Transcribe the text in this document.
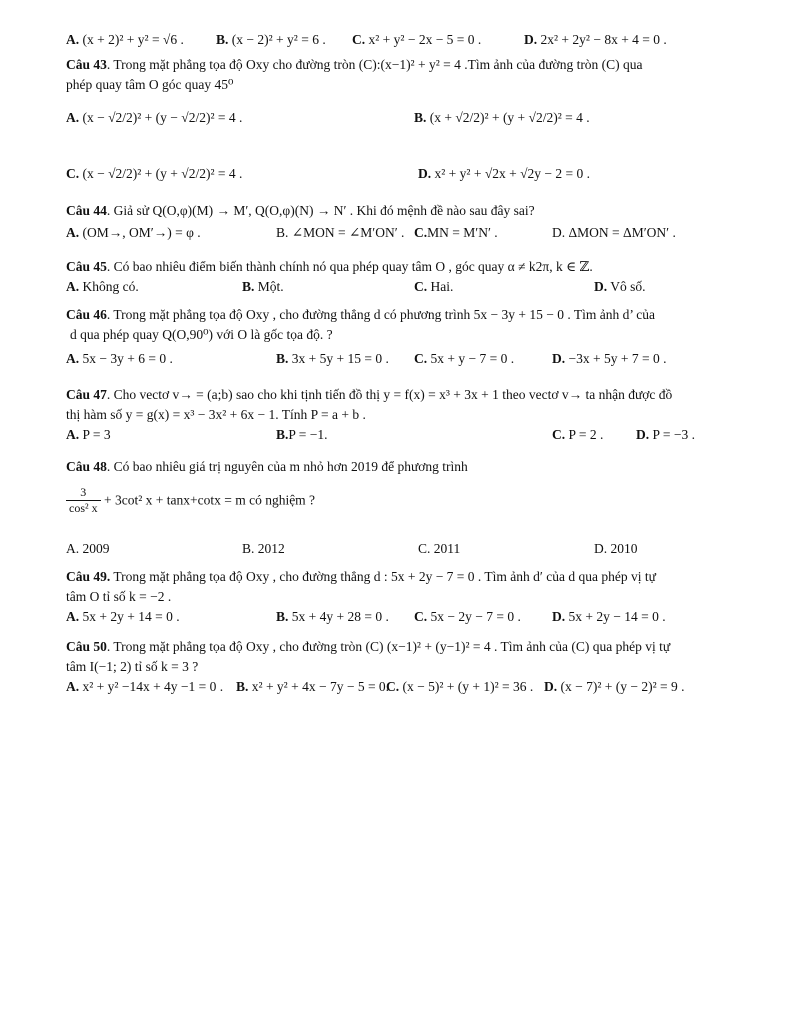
A. (x + 2)² + y² = √6 . B. (x − 2)² + y² = 6 . C. x² + y² − 2x − 5 = 0 .	D. 2x² + 2y² − 8x + 4 = 0 .
Câu 43. Trong mặt phẳng tọa độ Oxy cho đường tròn (C):(x−1)² + y² = 4 .Tìm ảnh của đường tròn (C) qua
phép quay tâm O góc quay 45⁰
A. (x − √2/2)² + (y − √2/2)² = 4 .	B. (x + √2/2)² + (y + √2/2)² = 4 .
C. (x − √2/2)² + (y + √2/2)² = 4 .	D. x² + y² + √2x + √2y − 2 = 0 .
Câu 44. Giả sử Q(O,φ)(M) → M′, Q(O,φ)(N) → N′ . Khi đó mệnh đề nào sau đây sai?
A. (OM→, OM′→) = φ .	B. ∠MON = ∠M′ON′ . C.MN = M′N′ .	D. ΔMON = ΔM′ON′ .
Câu 45. Có bao nhiêu điểm biến thành chính nó qua phép quay tâm O , góc quay α ≠ k2π, k ∈ ℤ.
A. Không có.	B. Một.	C. Hai.	D. Vô số.
Câu 46. Trong mặt phẳng tọa độ Oxy , cho đường thẳng d có phương trình 5x − 3y + 15 − 0 . Tìm ảnh d’ của
d qua phép quay Q(O,90⁰) với O là gốc tọa độ. ?
A. 5x − 3y + 6 = 0 .	B. 3x + 5y + 15 = 0 . C. 5x + y − 7 = 0 .	D. −3x + 5y + 7 = 0 .
Câu 47. Cho vectơ v→ = (a;b) sao cho khi tịnh tiến đồ thị y = f(x) = x³ + 3x + 1 theo vectơ v→ ta nhận được đồ
thị hàm số y = g(x) = x³ − 3x² + 6x − 1. Tính P = a + b .
A. P = 3	B.P = −1.	C. P = 2 . D. P = −3 .
Câu 48. Có bao nhiêu giá trị nguyên của m nhỏ hơn 2019 để phương trình
$\frac{3}{\text{cos² x}} + 3\cot^2$ x + tanx+cotx = m có nghiệm ?
A. 2009	B. 2012	C. 2011	D. 2010
Câu 49. Trong mặt phẳng tọa độ Oxy , cho đường thẳng d : 5x + 2y − 7 = 0 . Tìm ảnh d′ của d qua phép vị tự
tâm O tỉ số k = −2 .
A. 5x + 2y + 14 = 0 .	B. 5x + 4y + 28 = 0 . C. 5x − 2y − 7 = 0 . D. 5x + 2y − 14 = 0 .
Câu 50. Trong mặt phẳng tọa độ Oxy , cho đường tròn (C) (x−1)² + (y−1)² = 4 . Tìm ảnh của (C) qua phép vị tự
tâm I(−1; 2) tỉ số k = 3 ?
A. x² + y² −14x + 4y −1 = 0 . B. x² + y² + 4x − 7y − 5 = 0.
C. (x − 5)² + (y + 1)² = 36 . D. (x − 7)² + (y − 2)² = 9 .
